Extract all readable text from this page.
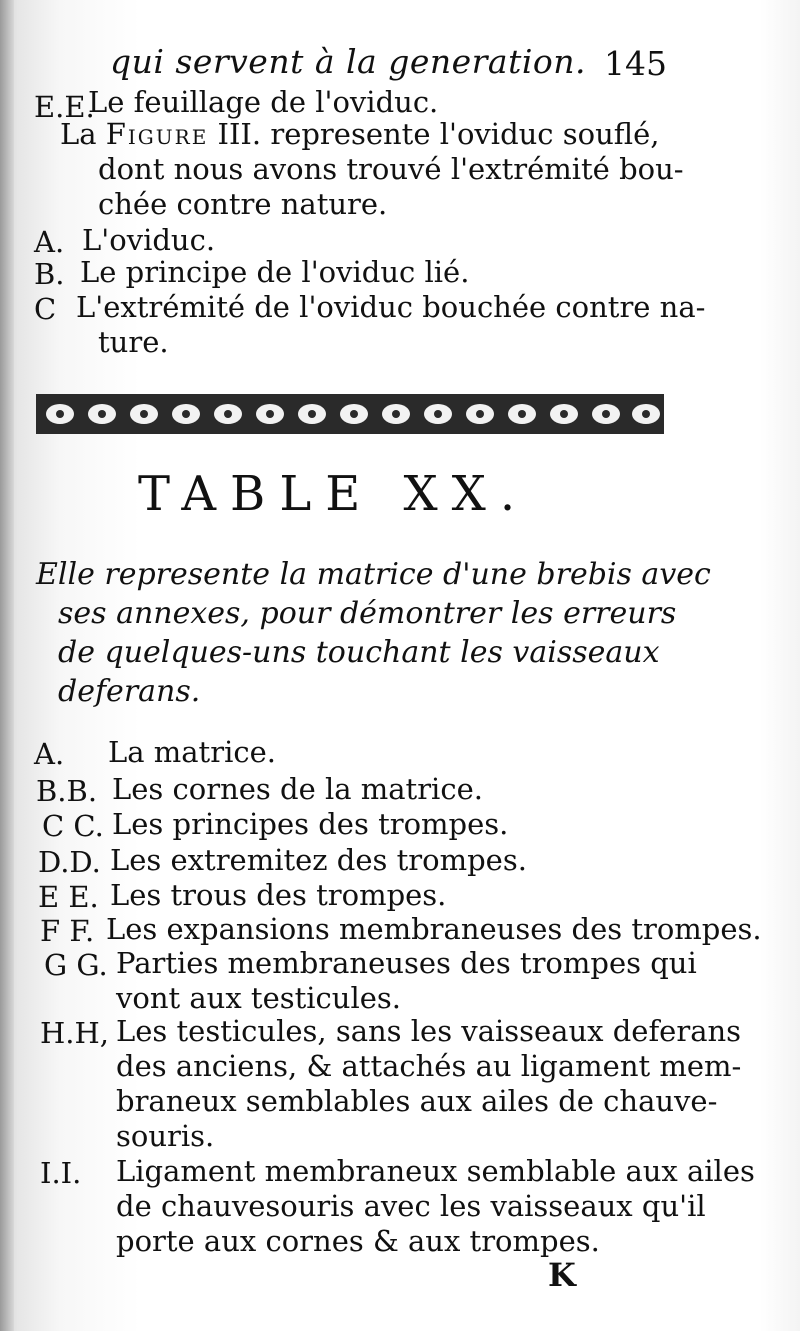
qui servent à la generation. 145
E.E.
Le feuillage de l'oviduc.
La Figure III. represente l'oviduc souflé,
dont nous avons trouvé l'extrémité bou-
chée contre nature.
A. L'oviduc.
B. Le principe de l'oviduc lié.
C L'extrémité de l'oviduc bouchée contre na-
ture.
TABLE XX.
Elle represente la matrice d'une brebis avec
ses annexes, pour démontrer les erreurs
de quelques-uns touchant les vaisseaux
deferans.
A. La matrice.
B.B. Les cornes de la matrice.
C C. Les principes des trompes.
D.D. Les extremitez des trompes.
E E. Les trous des trompes.
F F. Les expansions membraneuses des trompes.
G G. Parties membraneuses des trompes qui
vont aux testicules.
H.H, Les testicules, sans les vaisseaux deferans
des anciens, & attachés au ligament mem-
braneux semblables aux ailes de chauve-
souris.
I.I. Ligament membraneux semblable aux ailes
de chauvesouris avec les vaisseaux qu'il
porte aux cornes & aux trompes.
K
